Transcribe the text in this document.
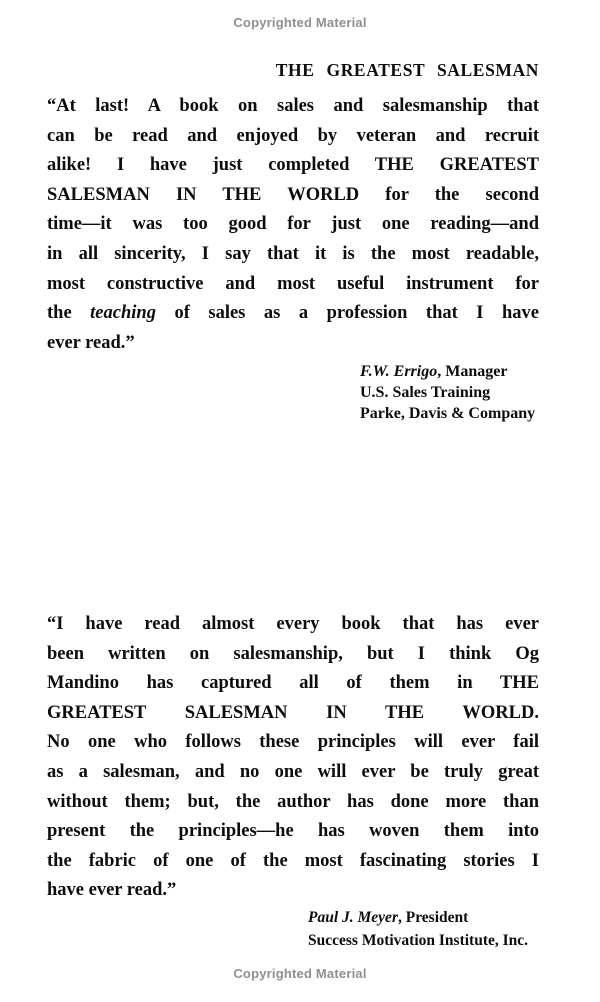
Copyrighted Material
THE GREATEST SALESMAN
“At last! A book on sales and salesmanship that
can be read and enjoyed by veteran and recruit
alike! I have just completed THE GREATEST
SALESMAN IN THE WORLD for the second
time—it was too good for just one reading—and
in all sincerity, I say that it is the most readable,
most constructive and most useful instrument for
the teaching of sales as a profession that I have
ever read.”
F.W. Errigo, Manager
U.S. Sales Training
Parke, Davis & Company
“I have read almost every book that has ever
been written on salesmanship, but I think Og
Mandino has captured all of them in THE
GREATEST SALESMAN IN THE WORLD.
No one who follows these principles will ever fail
as a salesman, and no one will ever be truly great
without them; but, the author has done more than
present the principles—he has woven them into
the fabric of one of the most fascinating stories I
have ever read.”
Paul J. Meyer, President
Success Motivation Institute, Inc.
Copyrighted Material
